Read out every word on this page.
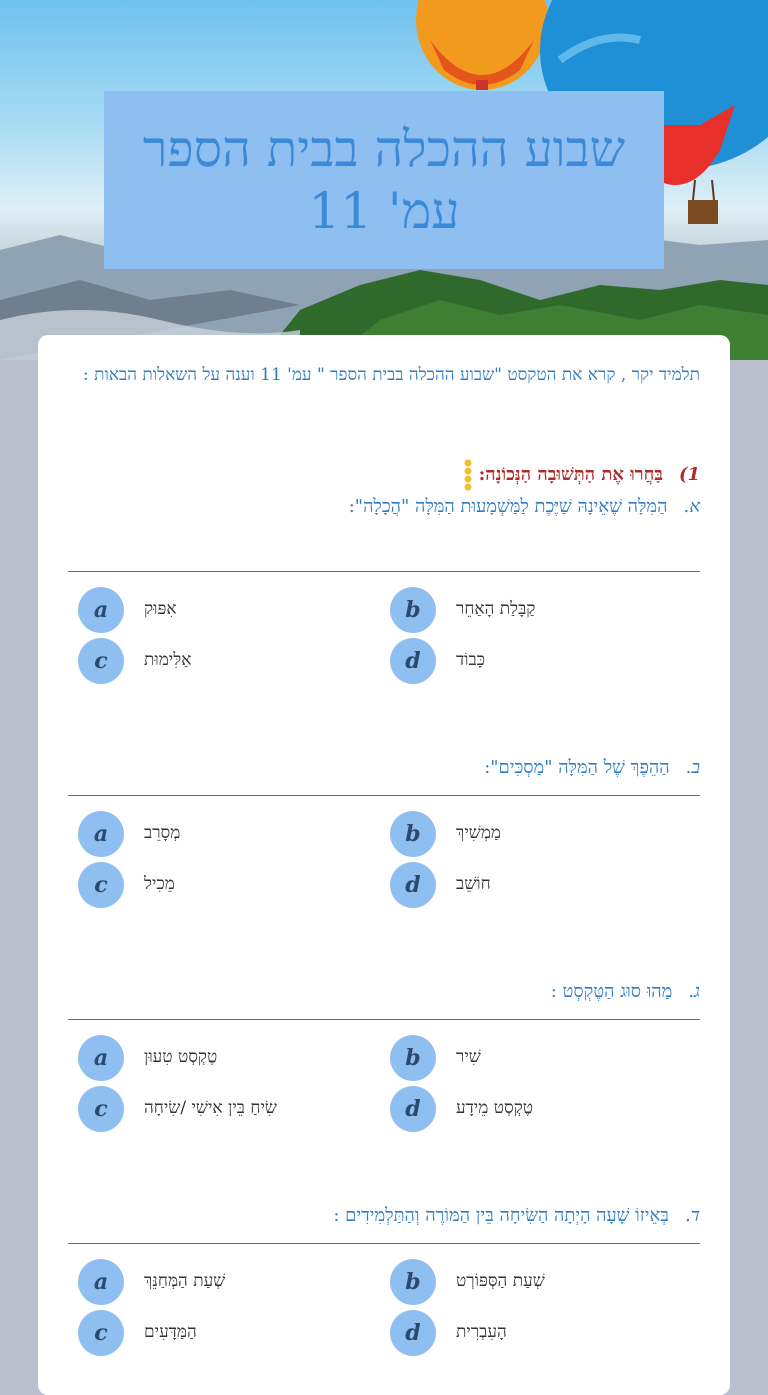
שבוע ההכלה בבית הספר עמ' 11
תלמיד יקר , קרא את הטקסט "שבוע ההכלה בבית הספר " עמ' 11 וענה על השאלות הבאות :
1)בַּחֲרוּ אֶת הַתְּשׁוּבָה הַנְּכוֹנָה:
א.הַמִּלָּה שֶׁאֵינָהּ שַׁיֶּכֶת לַמַּשְׁמָעוּת הַמִּלָּה "הֲכָלָה":
a	אִפּוּק	b	קַבָּלַת הָאַחֵר
c	אַלִּימוּת	d	כָּבוֹד
ב.הַהֵפֶךְ שֶׁל הַמִּלָּה "מַסְכִּים":
a	מְסָרֵב	b	מַמְשִׁיךְ
c	מֵכִיל	d	חוֹשֵׁב
ג.מַהוּ סוּג הַטֶּקְסְט :
a	טֶקְסְט טִעוּן	b	שִׁיר
c	שִׂיחַ בֵּין אִישִׁי /שִׂיחָה	d	טֶקְסְט מֵידָע
ד.בְּאֵיזוֹ שָׁעָה הָיְתָה הַשִּׂיחָה בֵּין הַמּוֹרֶה וְהַתַּלְמִידִים :
a	שְׁעַת הַמְּחַנֵּךְ	b	שְׁעַת הַסְּפּוֹרְט
c	הַמַּדָּעִים	d	הָעִבְרִית
